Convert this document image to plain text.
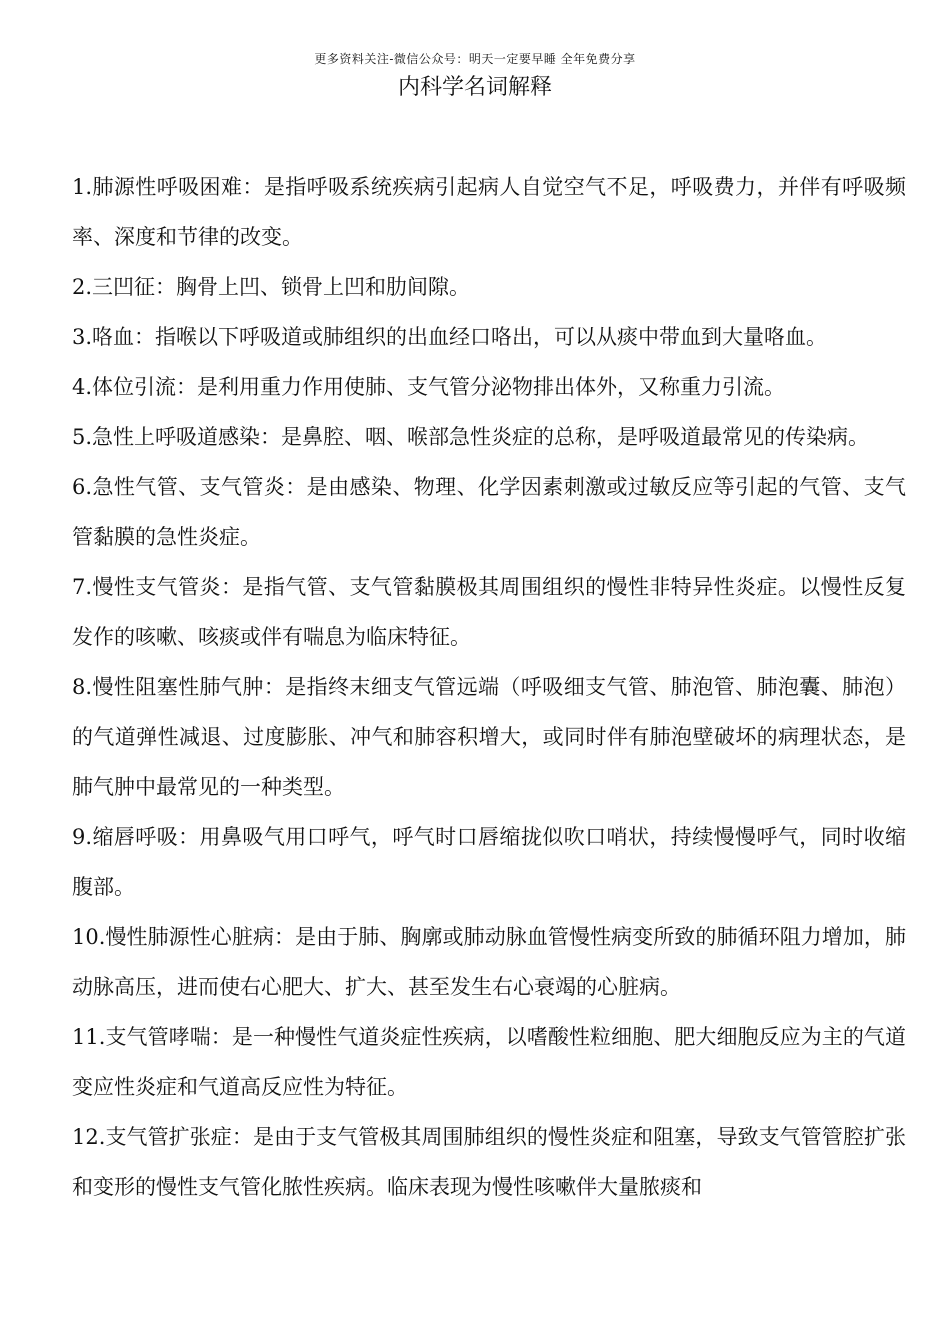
更多资料关注-微信公众号：明天一定要早睡 全年免费分享
内科学名词解释

1.肺源性呼吸困难：是指呼吸系统疾病引起病人自觉空气不足，呼吸费力，并伴有呼吸频率、深度和节律的改变。

2.三凹征：胸骨上凹、锁骨上凹和肋间隙。

3.咯血：指喉以下呼吸道或肺组织的出血经口咯出，可以从痰中带血到大量咯血。

4.体位引流：是利用重力作用使肺、支气管分泌物排出体外，又称重力引流。

5.急性上呼吸道感染：是鼻腔、咽、喉部急性炎症的总称，是呼吸道最常见的传染病。

6.急性气管、支气管炎：是由感染、物理、化学因素刺激或过敏反应等引起的气管、支气管黏膜的急性炎症。

7.慢性支气管炎：是指气管、支气管黏膜极其周围组织的慢性非特异性炎症。以慢性反复发作的咳嗽、咳痰或伴有喘息为临床特征。

8.慢性阻塞性肺气肿：是指终末细支气管远端（呼吸细支气管、肺泡管、肺泡囊、肺泡）的气道弹性减退、过度膨胀、冲气和肺容积增大，或同时伴有肺泡壁破坏的病理状态，是肺气肿中最常见的一种类型。

9.缩唇呼吸：用鼻吸气用口呼气，呼气时口唇缩拢似吹口哨状，持续慢慢呼气，同时收缩腹部。

10.慢性肺源性心脏病：是由于肺、胸廓或肺动脉血管慢性病变所致的肺循环阻力增加，肺动脉高压，进而使右心肥大、扩大、甚至发生右心衰竭的心脏病。

11.支气管哮喘：是一种慢性气道炎症性疾病，以嗜酸性粒细胞、肥大细胞反应为主的气道变应性炎症和气道高反应性为特征。

12.支气管扩张症：是由于支气管极其周围肺组织的慢性炎症和阻塞，导致支气管管腔扩张和变形的慢性支气管化脓性疾病。临床表现为慢性咳嗽伴大量脓痰和
